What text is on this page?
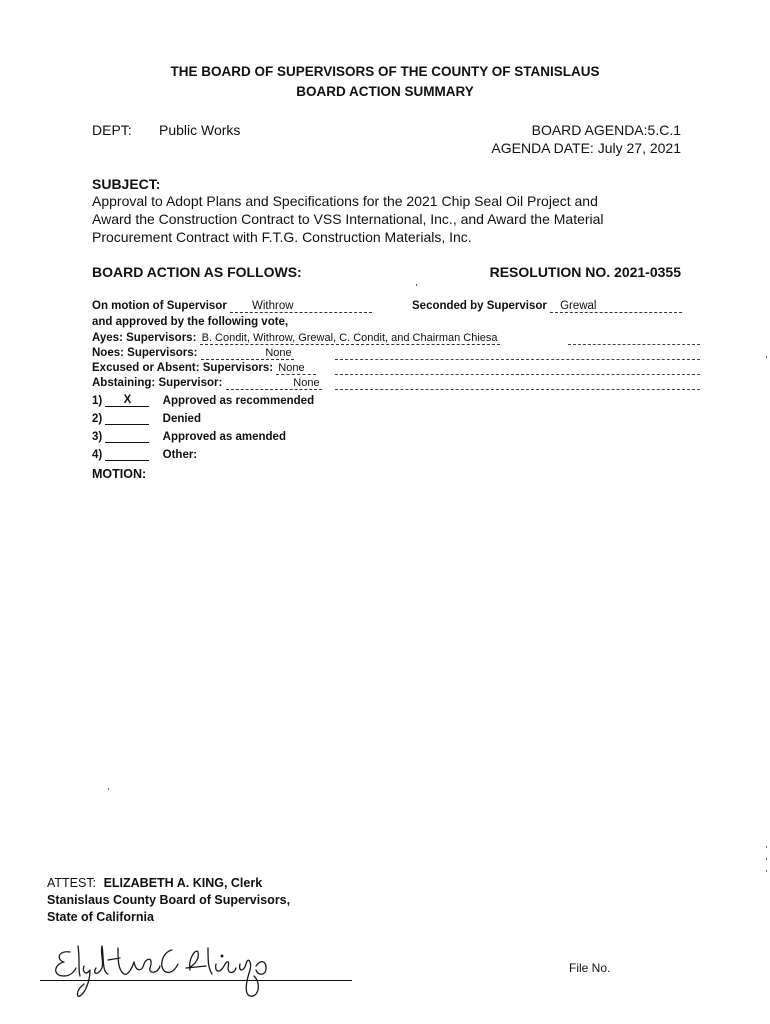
THE BOARD OF SUPERVISORS OF THE COUNTY OF STANISLAUS
BOARD ACTION SUMMARY
DEPT: Public Works	BOARD AGENDA:5.C.1
AGENDA DATE: July 27, 2021
SUBJECT:
Approval to Adopt Plans and Specifications for the 2021 Chip Seal Oil Project and
Award the Construction Contract to VSS International, Inc., and Award the Material
Procurement Contract with F.T.G. Construction Materials, Inc.
BOARD ACTION AS FOLLOWS:	RESOLUTION NO. 2021-0355
On motion of Supervisor Withrow	Seconded by Supervisor Grewal
and approved by the following vote,
Ayes: Supervisors: B. Condit, Withrow, Grewal, C. Condit, and Chairman Chiesa
Noes: Supervisors:	None
Excused or Absent: Supervisors: None
Abstaining: Supervisor:	None
1) X	Approved as recommended
2)	Denied
3)	Approved as amended
4)	Other:
MOTION:
ATTEST: ELIZABETH A. KING, Clerk
Stanislaus County Board of Supervisors,
State of California
File No.
